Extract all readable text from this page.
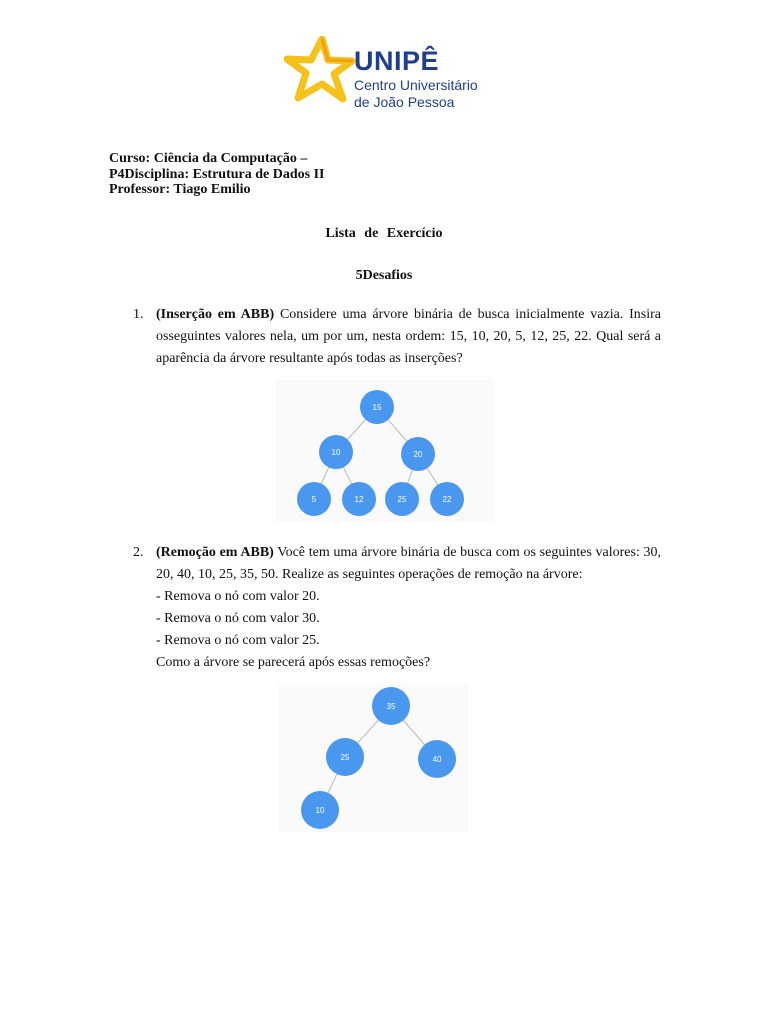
UNIPÊ
Centro Universitário
de João Pessoa
Curso: Ciência da Computação –
P4Disciplina: Estrutura de Dados II
Professor: Tiago Emilio
Lista de Exercício
5Desafios
1. (Inserção em ABB) Considere uma árvore binária de busca inicialmente vazia. Insira osseguintes valores nela, um por um, nesta ordem: 15, 10, 20, 5, 12, 25, 22. Qual será a aparência da árvore resultante após todas as inserções?
15
10	20
5	12	25	22
2. (Remoção em ABB) Você tem uma árvore binária de busca com os seguintes valores: 30, 20, 40, 10, 25, 35, 50. Realize as seguintes operações de remoção na árvore:
- Remova o nó com valor 20.
- Remova o nó com valor 30.
- Remova o nó com valor 25.
Como a árvore se parecerá após essas remoções?
35
25	40
10
